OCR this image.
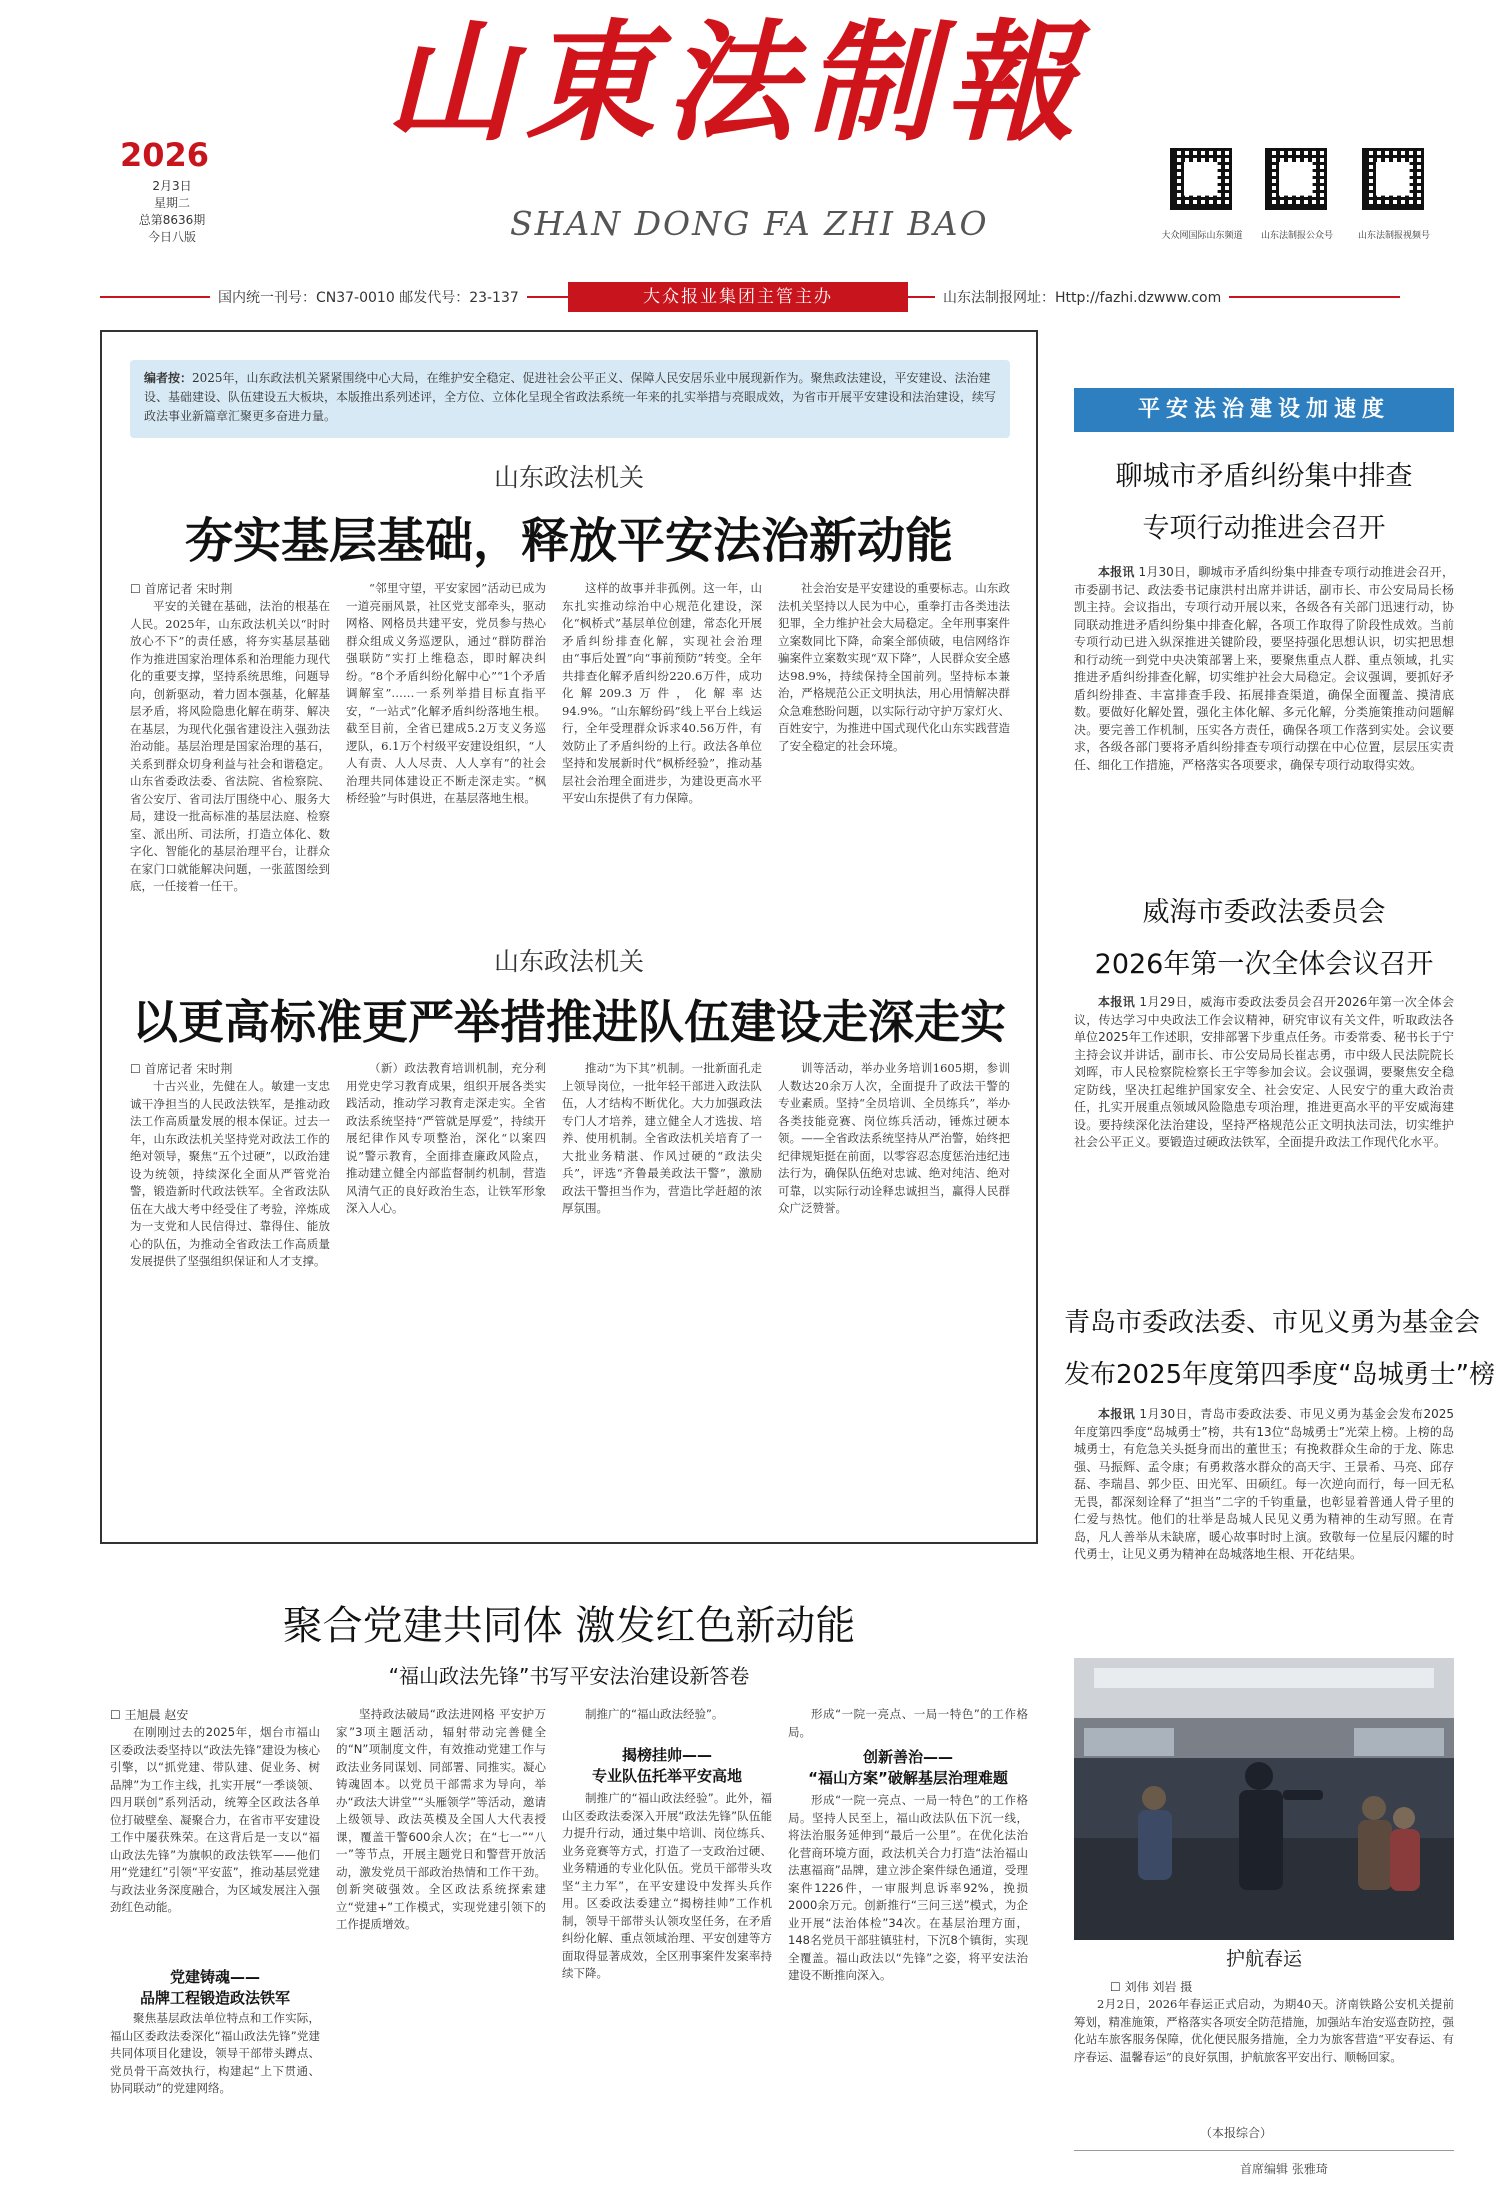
2026
2月3日
星期二
总第8636期
今日八版
山東法制報
SHAN DONG FA ZHI BAO	大众网国际山东频道	山东法制报公众号	山东法制报视频号
国内统一刊号：CN37-0010 邮发代号：23-137	大众报业集团主管主办	山东法制报网址：Http://fazhi.dzwww.com
编者按：2025年，山东政法机关紧紧围绕中心大局，在维护安全稳定、促进社会公平正义、保障人民安居乐业中展现新作为。聚焦政法建设，平安建设、法治建设、基础建设、队伍建设五大板块，本版推出系列述评，全方位、立体化呈现全省政法系统一年来的扎实举措与亮眼成效，为省市开展平安建设和法治建设，续写政法事业新篇章汇聚更多奋进力量。
山东政法机关
夯实基层基础，释放平安法治新动能
☐ 首席记者 宋时荆

平安的关键在基础，法治的根基在人民。2025年，山东政法机关以“时时放心不下”的责任感，将夯实基层基础作为推进国家治理体系和治理能力现代化的重要支撑，坚持系统思维，问题导向，创新驱动，着力固本强基，化解基层矛盾，将风险隐患化解在萌芽、解决在基层，为现代化强省建设注入强劲法治动能。基层治理是国家治理的基石，关系到群众切身利益与社会和谐稳定。山东省委政法委、省法院、省检察院、省公安厅、省司法厅围绕中心、服务大局，建设一批高标准的基层法庭、检察室、派出所、司法所，打造立体化、数字化、智能化的基层治理平台，让群众在家门口就能解决问题，一张蓝图绘到底，一任接着一任干。

“邻里守望，平安家园”活动已成为一道亮丽风景，社区党支部牵头，驱动网格、网格员共建平安，党员参与热心群众组成义务巡逻队，通过“群防群治强联防”实打上维稳态，即时解决纠纷。“8个矛盾纠纷化解中心”“1个矛盾调解室”……一系列举措目标直指平安，“一站式”化解矛盾纠纷落地生根。截至目前，全省已建成5.2万支义务巡逻队，6.1万个村级平安建设组织，“人人有责、人人尽责、人人享有”的社会治理共同体建设正不断走深走实。“枫桥经验”与时俱进，在基层落地生根。

这样的故事并非孤例。这一年，山东扎实推动综治中心规范化建设，深化“枫桥式”基层单位创建，常态化开展矛盾纠纷排查化解，实现社会治理由“事后处置”向“事前预防”转变。全年共排查化解矛盾纠纷220.6万件，成功化解209.3万件，化解率达94.9%。“山东解纷码”线上平台上线运行，全年受理群众诉求40.56万件，有效防止了矛盾纠纷的上行。政法各单位坚持和发展新时代“枫桥经验”，推动基层社会治理全面进步，为建设更高水平平安山东提供了有力保障。

社会治安是平安建设的重要标志。山东政法机关坚持以人民为中心，重拳打击各类违法犯罪，全力维护社会大局稳定。全年刑事案件立案数同比下降，命案全部侦破，电信网络诈骗案件立案数实现“双下降”，人民群众安全感达98.9%，持续保持全国前列。坚持标本兼治，严格规范公正文明执法，用心用情解决群众急难愁盼问题，以实际行动守护万家灯火、百姓安宁，为推进中国式现代化山东实践营造了安全稳定的社会环境。

山东政法机关
以更高标准更严举措推进队伍建设走深走实
☐ 首席记者 宋时荆

十古兴业，先健在人。敏建一支忠诚干净担当的人民政法铁军，是推动政法工作高质量发展的根本保证。过去一年，山东政法机关坚持党对政法工作的绝对领导，聚焦“五个过硬”，以政治建设为统领，持续深化全面从严管党治警，锻造新时代政法铁军。全省政法队伍在大战大考中经受住了考验，淬炼成为一支党和人民信得过、靠得住、能放心的队伍，为推动全省政法工作高质量发展提供了坚强组织保证和人才支撑。

（新）政法教育培训机制，充分利用党史学习教育成果，组织开展各类实践活动，推动学习教育走深走实。全省政法系统坚持“严管就是厚爱”，持续开展纪律作风专项整治，深化“以案四说”警示教育，全面排查廉政风险点，推动建立健全内部监督制约机制，营造风清气正的良好政治生态，让铁军形象深入人心。

推动“为下其”机制。一批新面孔走上领导岗位，一批年轻干部进入政法队伍，人才结构不断优化。大力加强政法专门人才培养，建立健全人才选拔、培养、使用机制。全省政法机关培育了一大批业务精湛、作风过硬的“政法尖兵”，评选“齐鲁最美政法干警”，激励政法干警担当作为，营造比学赶超的浓厚氛围。

训等活动，举办业务培训1605期，参训人数达20余万人次，全面提升了政法干警的专业素质。坚持“全员培训、全员练兵”，举办各类技能竞赛、岗位练兵活动，锤炼过硬本领。——全省政法系统坚持从严治警，始终把纪律规矩挺在前面，以零容忍态度惩治违纪违法行为，确保队伍绝对忠诚、绝对纯洁、绝对可靠，以实际行动诠释忠诚担当，赢得人民群众广泛赞誉。

聚合党建共同体 激发红色新动能
“福山政法先锋”书写平安法治建设新答卷
☐ 王旭晨 赵安

在刚刚过去的2025年，烟台市福山区委政法委坚持以“政法先锋”建设为核心引擎，以“抓党建、带队建、促业务、树品牌”为工作主线，扎实开展“一季谈领、四月联创”系列活动，统筹全区政法各单位打破壁垒、凝聚合力，在省市平安建设工作中屡获殊荣。在这背后是一支以“福山政法先锋”为旗帜的政法铁军——他们用“党建红”引领“平安蓝”，推动基层党建与政法业务深度融合，为区域发展注入强劲红色动能。

党建铸魂——
品牌工程锻造政法铁军

聚焦基层政法单位特点和工作实际，福山区委政法委深化“福山政法先锋”党建共同体项目化建设，领导干部带头蹲点、党员骨干高效执行，构建起“上下贯通、协同联动”的党建网络。

坚持政法破局“政法进网格 平安护万家”3项主题活动，辐射带动完善健全的“N”项制度文件，有效推动党建工作与政法业务同谋划、同部署、同推实。凝心铸魂固本。以党员干部需求为导向，举办“政法大讲堂”“头雁领学”等活动，邀请上级领导、政法英模及全国人大代表授课，覆盖干警600余人次；在“七一”“八一”等节点，开展主题党日和警营开放活动，激发党员干部政治热情和工作干劲。创新突破强效。全区政法系统探索建立“党建+”工作模式，实现党建引领下的工作提质增效。

制推广的“福山政法经验”。

揭榜挂帅——
专业队伍托举平安高地

制推广的“福山政法经验”。此外，福山区委政法委深入开展“政法先锋”队伍能力提升行动，通过集中培训、岗位练兵、业务竞赛等方式，打造了一支政治过硬、业务精通的专业化队伍。党员干部带头攻坚“主力军”，在平安建设中发挥头兵作用。区委政法委建立“揭榜挂帅”工作机制，领导干部带头认领攻坚任务，在矛盾纠纷化解、重点领域治理、平安创建等方面取得显著成效，全区刑事案件发案率持续下降。

形成“一院一亮点、一局一特色”的工作格局。

创新善治——
“福山方案”破解基层治理难题

形成“一院一亮点、一局一特色”的工作格局。坚持人民至上，福山政法队伍下沉一线，将法治服务延伸到“最后一公里”。在优化法治化营商环境方面，政法机关合力打造“法治福山 法惠福商”品牌，建立涉企案件绿色通道，受理案件1226件，一审服判息诉率92%，挽损2000余万元。创新推行“三问三送”模式，为企业开展“法治体检”34次。在基层治理方面，148名党员干部驻镇驻村，下沉8个镇街，实现全覆盖。福山政法以“先锋”之姿，将平安法治建设不断推向深入。

平安法治建设加速度
聊城市矛盾纠纷集中排查
专项行动推进会召开

本报讯 1月30日，聊城市矛盾纠纷集中排查专项行动推进会召开，市委副书记、政法委书记康洪村出席并讲话，副市长、市公安局局长杨凯主持。会议指出，专项行动开展以来，各级各有关部门迅速行动，协同联动推进矛盾纠纷集中排查化解，各项工作取得了阶段性成效。当前专项行动已进入纵深推进关键阶段，要坚持强化思想认识，切实把思想和行动统一到党中央决策部署上来，要聚焦重点人群、重点领域，扎实推进矛盾纠纷排查化解，切实维护社会大局稳定。会议强调，要抓好矛盾纠纷排查、丰富排查手段、拓展排查渠道，确保全面覆盖、摸清底数。要做好化解处置，强化主体化解、多元化解，分类施策推动问题解决。要完善工作机制，压实各方责任，确保各项工作落到实处。会议要求，各级各部门要将矛盾纠纷排查专项行动摆在中心位置，层层压实责任、细化工作措施，严格落实各项要求，确保专项行动取得实效。

威海市委政法委员会
2026年第一次全体会议召开

本报讯 1月29日，威海市委政法委员会召开2026年第一次全体会议，传达学习中央政法工作会议精神，研究审议有关文件，听取政法各单位2025年工作述职，安排部署下步重点任务。市委常委、秘书长于宁主持会议并讲话，副市长、市公安局局长崔志勇，市中级人民法院院长刘晖，市人民检察院检察长王宇等参加会议。会议强调，要聚焦安全稳定防线，坚决扛起维护国家安全、社会安定、人民安宁的重大政治责任，扎实开展重点领域风险隐患专项治理，推进更高水平的平安威海建设。要持续深化法治建设，坚持严格规范公正文明执法司法，切实维护社会公平正义。要锻造过硬政法铁军，全面提升政法工作现代化水平。

青岛市委政法委、市见义勇为基金会
发布2025年度第四季度“岛城勇士”榜

本报讯 1月30日，青岛市委政法委、市见义勇为基金会发布2025年度第四季度“岛城勇士”榜，共有13位“岛城勇士”光荣上榜。上榜的岛城勇士，有危急关头挺身而出的董世玉；有挽救群众生命的于龙、陈忠强、马振辉、孟令康；有勇救落水群众的高天宇、王景希、马亮、邱存磊、李瑞昌、郭少臣、田光军、田硕红。每一次逆向而行，每一回无私无畏，都深刻诠释了“担当”二字的千钧重量，也彰显着普通人骨子里的仁爱与热忱。他们的壮举是岛城人民见义勇为精神的生动写照。在青岛，凡人善举从未缺席，暖心故事时时上演。致敬每一位星辰闪耀的时代勇士，让见义勇为精神在岛城落地生根、开花结果。

护航春运
☐ 刘伟 刘岩 摄

2月2日，2026年春运正式启动，为期40天。济南铁路公安机关提前筹划，精准施策，严格落实各项安全防范措施，加强站车治安巡查防控，强化站车旅客服务保障，优化便民服务措施，全力为旅客营造“平安春运、有序春运、温馨春运”的良好氛围，护航旅客平安出行、顺畅回家。

（本报综合）
首席编辑 张雅琦
